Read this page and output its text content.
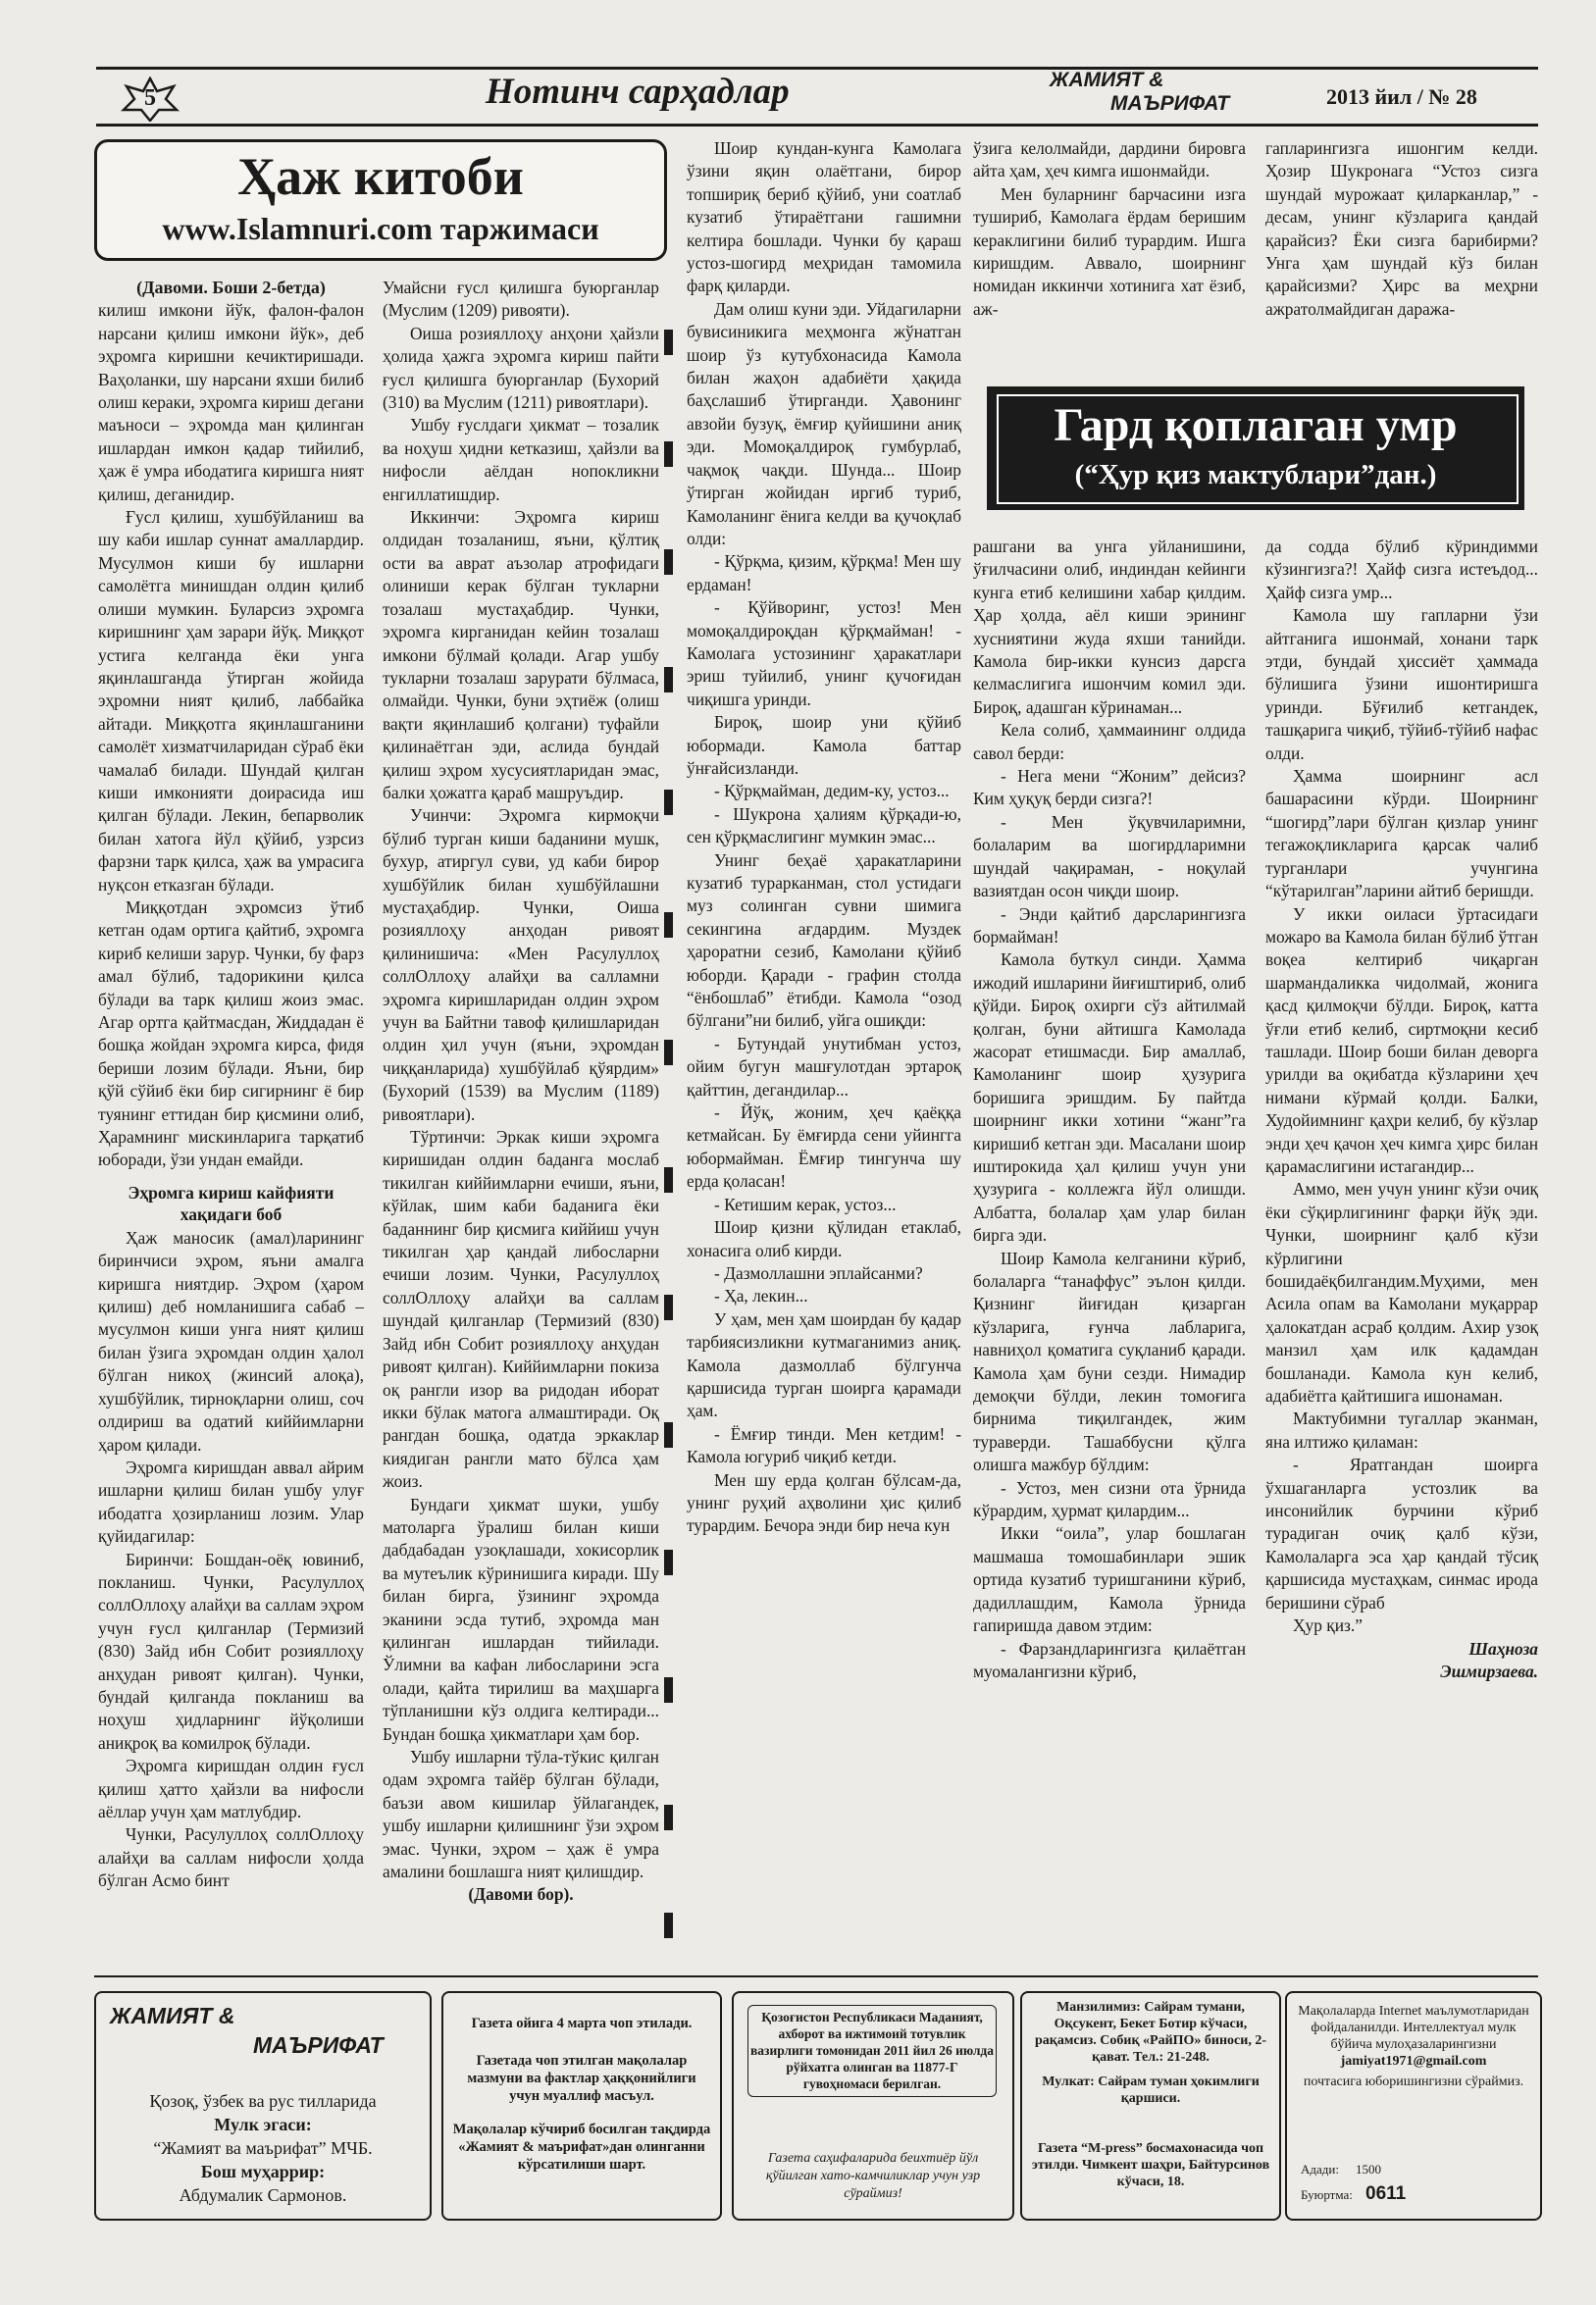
5	Нотинч сарҳадлар	ЖАМИЯТ &
МАЪРИФАТ	2013 йил / № 28
Ҳаж китоби
www.Islamnuri.com таржимаси
(Давоми. Боши 2-бетда)

килиш имкони йўк, фалон-фалон нарсани қилиш имкони йўк», деб эҳромга киришни кечиктиришади. Ваҳоланки, шу нарсани яхши билиб олиш кераки, эҳромга кириш дегани маъноси – эҳромда ман қилинган ишлардан имкон қадар тийилиб, ҳаж ё умра ибодатига киришга ният қилиш, деганидир.

Ғусл қилиш, хушбўйланиш ва шу каби ишлар суннат амаллардир. Мусулмон киши бу ишларни самолётга минишдан олдин қилиб олиши мумкин. Буларсиз эҳромга киришнинг ҳам зарари йўқ. Миққот устига келганда ёки унга яқинлашганда ўтирган жойида эҳромни ният қилиб, лаббайка айтади. Миққотга яқинлашганини самолёт хизматчиларидан сўраб ёки чамалаб билади. Шундай қилган киши имконияти доирасида иш қилган бўлади. Лекин, бепарволик билан хатога йўл қўйиб, узрсиз фарзни тарк қилса, ҳаж ва умрасига нуқсон етказган бўлади.

Миққотдан эҳромсиз ўтиб кетган одам ортига қайтиб, эҳромга кириб келиши зарур. Чунки, бу фарз амал бўлиб, тадорикини қилса бўлади ва тарк қилиш жоиз эмас. Агар ортга қайтмасдан, Жиддадан ё бошқа жойдан эҳромга кирса, фидя бериши лозим бўлади. Яъни, бир қўй сўйиб ёки бир сигирнинг ё бир туянинг еттидан бир қисмини олиб, Ҳарамнинг мискинларига тарқатиб юборади, ўзи ундан емайди.

Эҳромга кириш кайфияти хақидаги боб

Ҳаж маносик (амал)ларининг биринчиси эҳром, яъни амалга киришга ниятдир. Эҳром (ҳаром қилиш) деб номланишига сабаб – мусулмон киши унга ният қилиш билан ўзига эҳромдан олдин ҳалол бўлган никоҳ (жинсий алоқа), хушбўйлик, тирноқларни олиш, соч олдириш ва одатий киййимларни ҳаром қилади.

Эҳромга киришдан аввал айрим ишларни қилиш билан ушбу улуғ ибодатга ҳозирланиш лозим. Улар қуйидагилар:

Биринчи: Бошдан-оёқ ювиниб, покланиш. Чунки, Расулуллоҳ соллОллоҳу алайҳи ва саллам эҳром учун ғусл қилганлар (Термизий (830) Зайд ибн Собит розияллоҳу анҳудан ривоят қилган). Чунки, бундай қилганда покланиш ва ноҳуш ҳидларнинг йўқолиши аниқроқ ва комилроқ бўлади.

Эҳромга киришдан олдин ғусл қилиш ҳатто ҳайзли ва нифосли аёллар учун ҳам матлубдир.

Чунки, Расулуллоҳ соллОллоҳу алайҳи ва саллам нифосли ҳолда бўлган Асмо бинт

Умайсни ғусл қилишга буюрганлар (Муслим (1209) ривояти).

Оиша розияллоҳу анҳони ҳайзли ҳолида ҳажга эҳромга кириш пайти ғусл қилишга буюрганлар (Бухорий (310) ва Муслим (1211) ривоятлари).

Ушбу ғуслдаги ҳикмат – тозалик ва ноҳуш ҳидни кетказиш, ҳайзли ва нифосли аёлдан нопокликни енгиллатишдир.

Иккинчи: Эҳромга кириш олдидан тозаланиш, яъни, қўлтиқ ости ва аврат аъзолар атрофидаги олиниши керак бўлган тукларни тозалаш мустаҳабдир. Чунки, эҳромга кирганидан кейин тозалаш имкони бўлмай қолади. Агар ушбу тукларни тозалаш зарурати бўлмаса, олмайди. Чунки, буни эҳтиёж (олиш вақти яқинлашиб қолгани) туфайли қилинаётган эди, аслида бундай қилиш эҳром хусусиятларидан эмас, балки ҳожатга қараб машруъдир.

Учинчи: Эҳромга кирмоқчи бўлиб турган киши баданини мушк, бухур, атиргул суви, уд каби бирор хушбўйлик билан хушбўйлашни мустаҳабдир. Чунки, Оиша розияллоҳу анҳодан ривоят қилинишича: «Мен Расулуллоҳ соллОллоҳу алайҳи ва салламни эҳромга киришларидан олдин эҳром учун ва Байтни тавоф қилишларидан олдин ҳил учун (яъни, эҳромдан чиққанларида) хушбўйлаб қўярдим» (Бухорий (1539) ва Муслим (1189) ривоятлари).

Тўртинчи: Эркак киши эҳромга киришидан олдин баданга мослаб тикилган киййимларни ечиши, яъни, кўйлак, шим каби баданига ёки баданнинг бир қисмига киййиш учун тикилган ҳар қандай либосларни ечиши лозим. Чунки, Расулуллоҳ соллОллоҳу алайҳи ва саллам шундай қилганлар (Термизий (830) Зайд ибн Собит розияллоҳу анҳудан ривоят қилган). Киййимларни покиза оқ рангли изор ва ридодан иборат икки бўлак матога алмаштиради. Оқ рангдан бошқа, одатда эркаклар киядиган рангли мато бўлса ҳам жоиз.

Бундаги ҳикмат шуки, ушбу матоларга ўралиш билан киши дабдабадан узоқлашади, хокисорлик ва мутеълик кўринишига киради. Шу билан бирга, ўзининг эҳромда эканини эсда тутиб, эҳромда ман қилинган ишлардан тийилади. Ўлимни ва кафан либосларини эсга олади, қайта тирилиш ва маҳшарга тўпланишни кўз олдига келтиради... Бундан бошқа ҳикматлари ҳам бор.

Ушбу ишларни тўла-тўкис қилган одам эҳромга тайёр бўлган бўлади, баъзи авом кишилар ўйлагандек, ушбу ишларни қилишнинг ўзи эҳром эмас. Чунки, эҳром – ҳаж ё умра амалини бошлашга ният қилишдир.

(Давоми бор).

Шоир кундан-кунга Камолага ўзини яқин олаётгани, бирор топшириқ бериб қўйиб, уни соатлаб кузатиб ўтираётгани гашимни келтира бошлади. Чунки бу қараш устоз-шогирд меҳридан тамомила фарқ қиларди.

Дам олиш куни эди. Уйдагиларни бувисиникига меҳмонга жўнатган шоир ўз кутубхонасида Камола билан жаҳон адабиёти ҳақида баҳслашиб ўтирганди. Ҳавонинг авзойи бузуқ, ёмғир қуйишини аниқ эди. Момоқалдироқ гумбурлаб, чақмоқ чақди. Шунда... Шоир ўтирган жойидан иргиб туриб, Камоланинг ёнига келди ва қучоқлаб олди:

- Қўрқма, қизим, қўрқма! Мен шу ердаман!

- Қўйворинг, устоз! Мен момоқалдироқдан қўрқмайман! - Камолага устозининг ҳаракатлари эриш туйилиб, унинг қучоғидан чиқишга уринди.

Бироқ, шоир уни қўйиб юбормади. Камола баттар ўнғайсизланди.

- Қўрқмайман, дедим-ку, устоз...

- Шукрона ҳалиям қўрқади-ю, сен қўрқмаслигинг мумкин эмас...

Унинг беҳаё ҳаракатларини кузатиб турарканман, стол устидаги муз солинган сувни шимига секингина ағдардим. Муздек ҳароратни сезиб, Камолани қўйиб юборди. Қаради - графин столда “ёнбошлаб” ётибди. Камола “озод бўлгани”ни билиб, уйга ошиқди:

- Бутундай унутибман устоз, ойим бугун машғулотдан эртароқ қайттин, дегандилар...

- Йўқ, жоним, ҳеч қаёққа кетмайсан. Бу ёмғирда сени уйингга юбормайман. Ёмғир тингунча шу ерда қоласан!

- Кетишим керак, устоз...

Шоир қизни қўлидан етаклаб, хонасига олиб кирди.

- Дазмоллашни эплайсанми?

- Ҳа, лекин...

У ҳам, мен ҳам шоирдан бу қадар тарбиясизликни кутмаганимиз аниқ. Камола дазмоллаб бўлгунча қаршисида турган шоирга қарамади ҳам.

- Ёмғир тинди. Мен кетдим! - Камола югуриб чиқиб кетди.

Мен шу ерда қолган бўлсам-да, унинг руҳий аҳволини ҳис қилиб турардим. Бечора энди бир неча кун

ўзига келолмайди, дардини бировга айта ҳам, ҳеч кимга ишонмайди.

Мен буларнинг барчасини изга тушириб, Камолага ёрдам беришим кераклигини билиб турардим. Ишга киришдим. Аввало, шоирнинг номидан иккинчи хотинига хат ёзиб, аж-

гапларингизга ишонгим келди. Ҳозир Шукронага “Устоз сизга шундай мурожаат қиларканлар,” - десам, унинг кўзларига қандай қарайсиз? Ёки сизга барибирми? Унга ҳам шундай кўз билан қарайсизми? Ҳирс ва меҳрни ажратолмайдиган даража-

Гард қоплаган умр
(“Ҳур қиз мактублари”дан.)

рашгани ва унга уйланишини, ўғилчасини олиб, индиндан кейинги кунга етиб келишини хабар қилдим. Ҳар ҳолда, аёл киши эрининг хусниятини жуда яхши танийди. Камола бир-икки кунсиз дарсга келмаслигига ишончим комил эди. Бироқ, адашган кўринаман...

Кела солиб, ҳаммаининг олдида савол берди:

- Нега мени “Жоним” дейсиз? Ким ҳуқуқ берди сизга?!

- Мен ўқувчиларимни, болаларим ва шогирдларимни шундай чақираман, - ноқулай вазиятдан осон чиқди шоир.

- Энди қайтиб дарсларингизга бормайман!

Камола буткул синди. Ҳамма ижодий ишларини йиғиштириб, олиб қўйди. Бироқ охирги сўз айтилмай қолган, буни айтишга Камолада жасорат етишмасди. Бир амаллаб, Камоланинг шоир ҳузурига боришига эришдим. Бу пайтда шоирнинг икки хотини “жанг”га киришиб кетган эди. Масалани шоир иштирокида ҳал қилиш учун уни ҳузурига - коллежга йўл олишди. Албатта, болалар ҳам улар билан бирга эди.

Шоир Камола келганини кўриб, болаларга “танаффус” эълон қилди. Қизнинг йиғидан қизарган кўзларига, ғунча лабларига, навниҳол қоматига суқланиб қаради. Камола ҳам буни сезди. Нимадир демоқчи бўлди, лекин томоғига бирнима тиқилгандек, жим тураверди. Ташаббусни қўлга олишга мажбур бўлдим:

- Устоз, мен сизни ота ўрнида кўрардим, ҳурмат қилардим...

Икки “оила”, улар бошлаган машмаша томошабинлари эшик ортида кузатиб туришганини кўриб, дадиллашдим, Камола ўрнида гапиришда давом этдим:

- Фарзандларингизга қилаётган муомалангизни кўриб,

да содда бўлиб кўриндимми кўзингизга?! Ҳайф сизга истеъдод... Ҳайф сизга умр...

Камола шу гапларни ўзи айтганига ишонмай, хонани тарк этди, бундай ҳиссиёт ҳаммада бўлишига ўзини ишонтиришга уринди. Бўғилиб кетгандек, ташқарига чиқиб, тўйиб-тўйиб нафас олди.

Ҳамма шоирнинг асл башарасини кўрди. Шоирнинг “шогирд”лари бўлган қизлар унинг тегажоқликларига қарсак чалиб турганлари учунгина “кўтарилган”ларини айтиб беришди.

У икки оиласи ўртасидаги можаро ва Камола билан бўлиб ўтган воқеа келтириб чиқарган шармандаликка чидолмай, жонига қасд қилмоқчи бўлди. Бироқ, катта ўғли етиб келиб, сиртмоқни кесиб ташлади. Шоир боши билан деворга урилди ва оқибатда кўзларини ҳеч нимани кўрмай қолди. Балки, Худойимнинг қаҳри келиб, бу кўзлар энди ҳеч қачон ҳеч кимга ҳирс билан қарамаслигини истагандир...

Аммо, мен учун унинг кўзи очиқ ёки сўқирлигининг фарқи йўқ эди. Чунки, шоирнинг қалб кўзи кўрлигини бошидаёқбилгандим.Муҳими, мен Асила опам ва Камолани муқаррар ҳалокатдан асраб қолдим. Ахир узоқ манзил ҳам илк қадамдан бошланади. Камола кун келиб, адабиётга қайтишига ишонаман.

Мактубимни тугаллар эканман, яна илтижо қиламан:

- Яратгандан шоирга ўхшаганларга устозлик ва инсонийлик бурчини кўриб турадиган очиқ қалб кўзи, Камолаларга эса ҳар қандай тўсиқ қаршисида мустаҳкам, синмас ирода беришини сўраб

Ҳур қиз.”

Шаҳноза
Эшмирзаева.
ЖАМИЯТ &
МАЪРИФАТ
Қозоқ, ўзбек ва рус тилларида
Мулк эгаси:
“Жамият ва маърифат” МЧБ.
Бош муҳаррир:
Абдумалик Сармонов.
Газета ойига 4 марта чоп этилади.
Газетада чоп этилган мақолалар мазмуни ва фактлар ҳаққонийлиги учун муаллиф масъул.
Мақолалар кўчириб босилган тақдирда «Жамият & маърифат»дан олинганни кўрсатилиши шарт.
Қозоғистон Республикаси Маданият, ахборот ва ижтимоий тотувлик вазирлиги томонидан 2011 йил 26 июлда рўйхатга олинган ва 11877-Г гувоҳномаси берилган.
Газета саҳифаларида беихтиёр йўл қўйилган хато-камчиликлар учун узр сўраймиз!
Манзилимиз: Сайрам тумани, Оқсукент, Бекет Ботир кўчаси, рақамсиз. Собиқ «РайПО» биноси, 2-қават. Тел.: 21-248.
Мулкат: Сайрам туман ҳокимлиги қаршиси.
Газета “M-press” босмахонасида чоп этилди. Чимкент шаҳри, Байтурсинов кўчаси, 18.
Мақолаларда Internet маълумотларидан фойдаланилди. Интеллектуал мулк бўйича мулоҳазаларингизни
jamiyat1971@gmail.com
почтасига юборишингизни сўраймиз.
Адади: 1500
Буюртма: 0611
